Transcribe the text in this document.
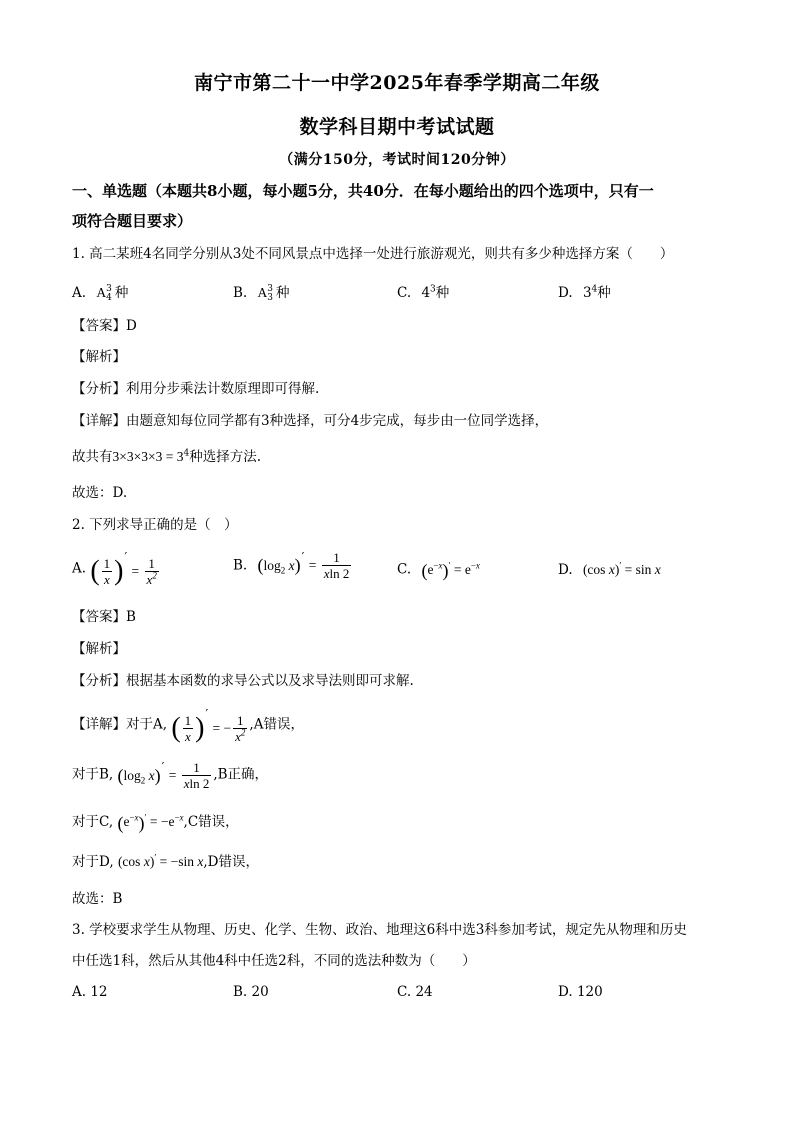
南宁市第二十一中学2025年春季学期高二年级
数学科目期中考试试题
（满分150分，考试时间120分钟）
一、单选题（本题共8小题，每小题5分，共40分．在每小题给出的四个选项中，只有一
项符合题目要求）
1. 高二某班4名同学分别从3处不同风景点中选择一处进行旅游观光，则共有多少种选择方案（　　）
A. A 3
4 种	B. A 3
3 种	C. $4^3$种	D. $3^4$种
【答案】D
【解析】
【分析】利用分步乘法计数原理即可得解.
【详解】由题意知每位同学都有3种选择，可分4步完成，每步由一位同学选择，
故共有$3\times 3\times 3\times 3 = 3^4$种选择方法.
故选：D.
2. 下列求导正确的是（　）
A. ( $\frac{1}{x}$ )′ = $\frac{1}{x^2}$	B. ($\log_2$ $x)' = \frac{1}{xln 2}$	C. $(e^{-x})' = e^{-x}$	D. (cos x)′ = sin x
【答案】B
【解析】
【分析】根据基本函数的求导公式以及求导法则即可求解.
【详解】对于A, ( $\frac{1}{x}$ )′ = − $\frac{1}{x^2} ,A$错误，
对于B, ($\log_2$ $x)' = \frac{1}{xln 2} ,B$正确，
对于C, $(e^{-x})' = -e^{-x},C$错误，
对于D, (cos x)′ = −sin x,D错误，
故选：B
3. 学校要求学生从物理、历史、化学、生物、政治、地理这6科中选3科参加考试，规定先从物理和历史
中任选1科，然后从其他4科中任选2科，不同的选法种数为（　　）
A. 12	B. 20	C. 24	D. 120
